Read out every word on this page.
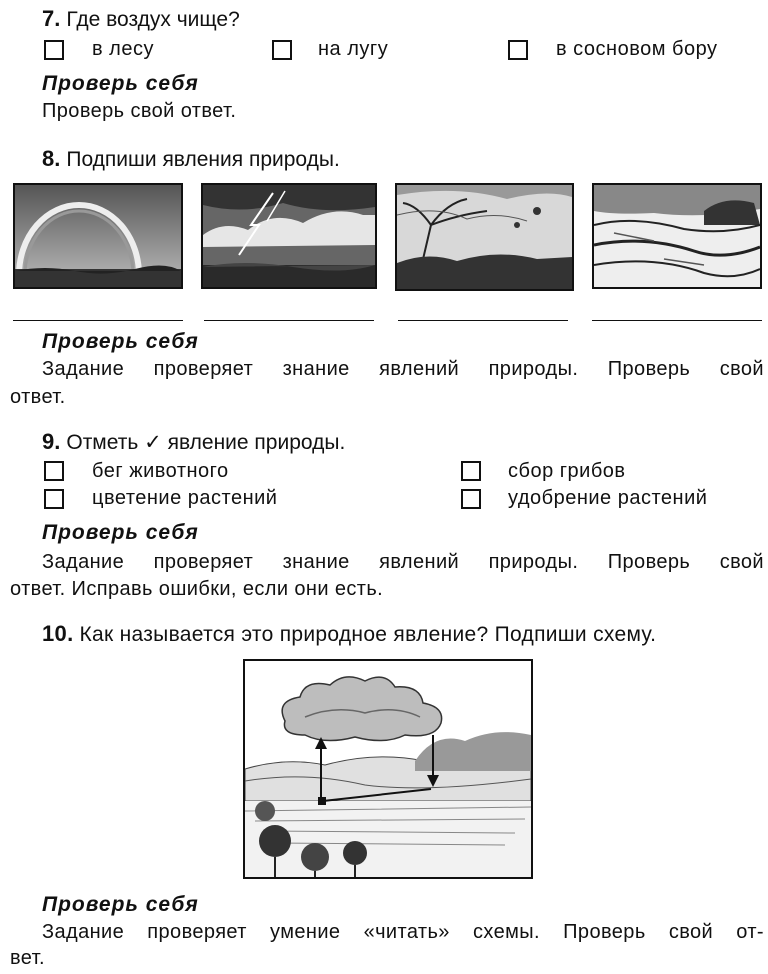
7. Где воздух чище?
в лесу	на лугу	в сосновом бору
Проверь себя
Проверь свой ответ.
8. Подпиши явления природы.
Проверь себя
Задание проверяет знание явлений природы. Проверь свой
ответ.
9. Отметь ✓ явление природы.
бег животного	сбор грибов
цветение растений	удобрение растений
Проверь себя
Задание проверяет знание явлений природы. Проверь свой
ответ. Исправь ошибки, если они есть.
10. Как называется это природное явление? Подпиши схему.
Проверь себя
Задание проверяет умение «читать» схемы. Проверь свой от-
вет.
